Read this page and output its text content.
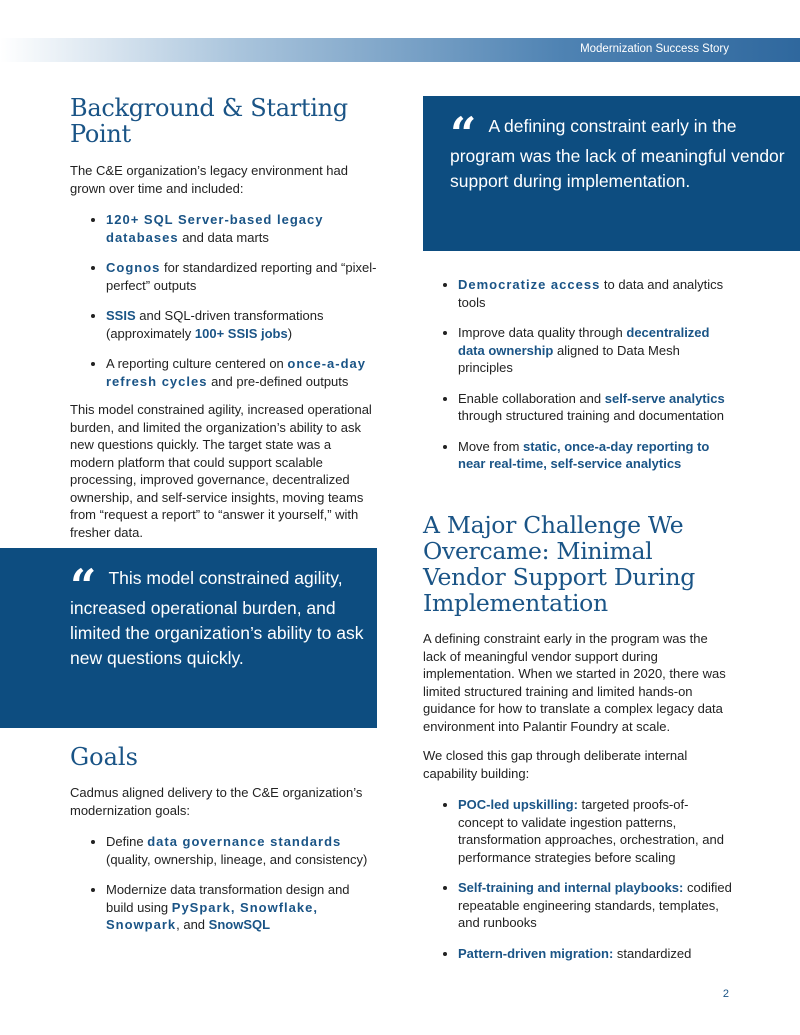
Modernization Success Story
Background & Starting Point

The C&E organization’s legacy environment had grown over time and included:

120+ SQL Server-based legacy databases and data marts
Cognos for standardized reporting and “pixel-perfect” outputs
SSIS and SQL-driven transformations (approximately 100+ SSIS jobs)
A reporting culture centered on once-a-day refresh cycles and pre-defined outputs

This model constrained agility, increased operational burden, and limited the organization’s ability to ask new questions quickly. The target state was a modern platform that could support scalable processing, improved governance, decentralized ownership, and self-service insights, moving teams from “request a report” to “answer it yourself,” with fresher data.

“ This model constrained agility, increased operational burden, and limited the organization’s ability to ask new questions quickly.
Goals

Cadmus aligned delivery to the C&E organization’s modernization goals:

Define data governance standards (quality, ownership, lineage, and consistency)
Modernize data transformation design and build using PySpark, Snowflake, Snowpark, and SnowSQL
“ A defining constraint early in the program was the lack of meaningful vendor support during implementation.
Democratize access to data and analytics tools
Improve data quality through decentralized data ownership aligned to Data Mesh principles
Enable collaboration and self-serve analytics through structured training and documentation
Move from static, once-a-day reporting to near real-time, self-service analytics
A Major Challenge We Overcame: Minimal Vendor Support During Implementation

A defining constraint early in the program was the lack of meaningful vendor support during implementation. When we started in 2020, there was limited structured training and limited hands-on guidance for how to translate a complex legacy data environment into Palantir Foundry at scale.

We closed this gap through deliberate internal capability building:

POC-led upskilling: targeted proofs-of-concept to validate ingestion patterns, transformation approaches, orchestration, and performance strategies before scaling
Self-training and internal playbooks: codified repeatable engineering standards, templates, and runbooks
Pattern-driven migration: standardized
2
